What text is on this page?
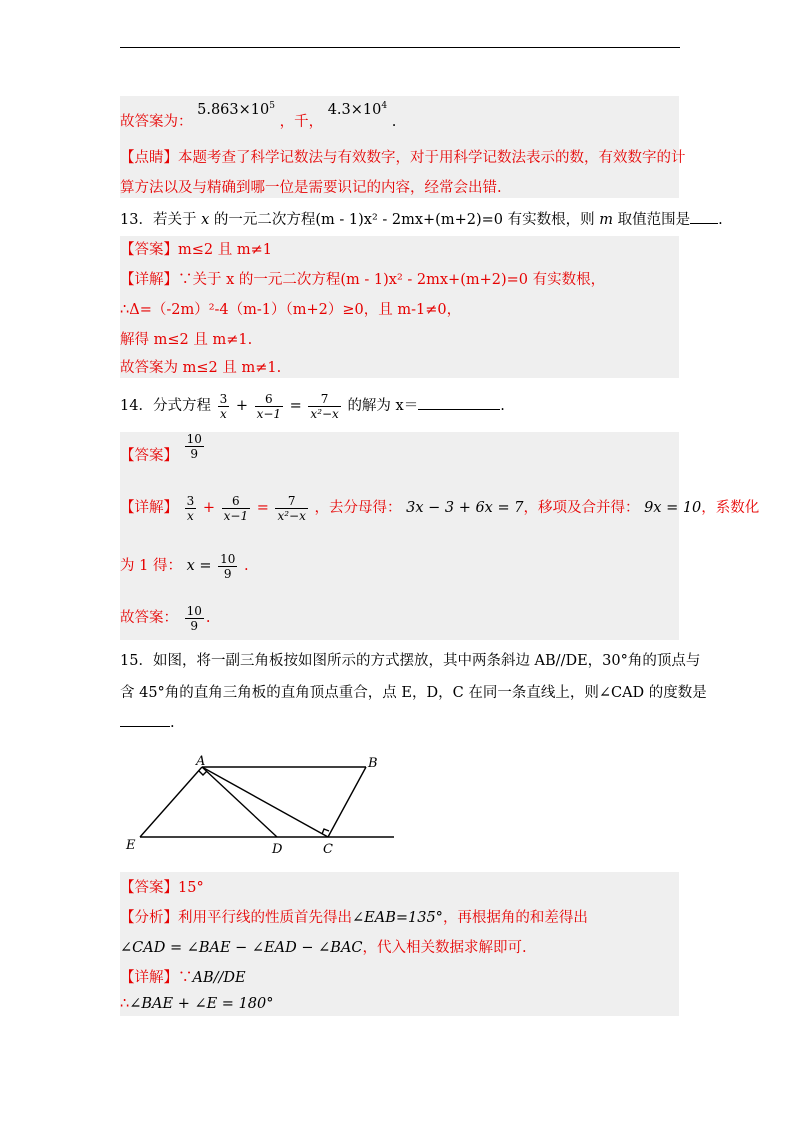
故答案为： $5.863\times 10^5$ ，千， $4.3\times 10^4$ .
【点睛】本题考查了科学记数法与有效数字，对于用科学记数法表示的数，有效数字的计
算方法以及与精确到哪一位是需要识记的内容，经常会出错.
13．若关于 x 的一元二次方程(m - 1)x² - 2mx+(m+2)=0 有实数根，则 m 取值范围是 .
【答案】m≤2 且 m≠1
【详解】∵关于 x 的一元二次方程(m - 1)x² - 2mx+(m+2)=0 有实数根，
∴Δ=（-2m）²-4（m-1）（m+2）≥0，且 m-1≠0，
解得 m≤2 且 m≠1.
故答案为 m≤2 且 m≠1.
14．分式方程 $\frac{3}{x} + \frac{6}{x-1} = \frac{7}{\text{x²−x}}$ 的解为 x＝	.
【答案】 $\frac{10}{9}$
【详解】 $\frac{3}{x} + \frac{6}{x-1} = \frac{7}{\text{x²−x}}$ ，去分母得： 3x − 3 + 6x = 7，移项及合并得： 9x = 10，系数化
为 1 得： $x = \frac{10}{9}$ .
故答案： $\frac{10}{9}$ .
15．如图，将一副三角板按如图所示的方式摆放，其中两条斜边 AB//DE，30°角的顶点与
含 45°角的直角三角板的直角顶点重合，点 E，D，C 在同一条直线上，则∠CAD 的度数是
.
A	B
E	D	C
【答案】15°
【分析】利用平行线的性质首先得出∠EAB=135°，再根据角的和差得出
∠CAD = ∠BAE − ∠EAD − ∠BAC，代入相关数据求解即可.
【详解】∵AB//DE
∴∠BAE + ∠E = 180°
